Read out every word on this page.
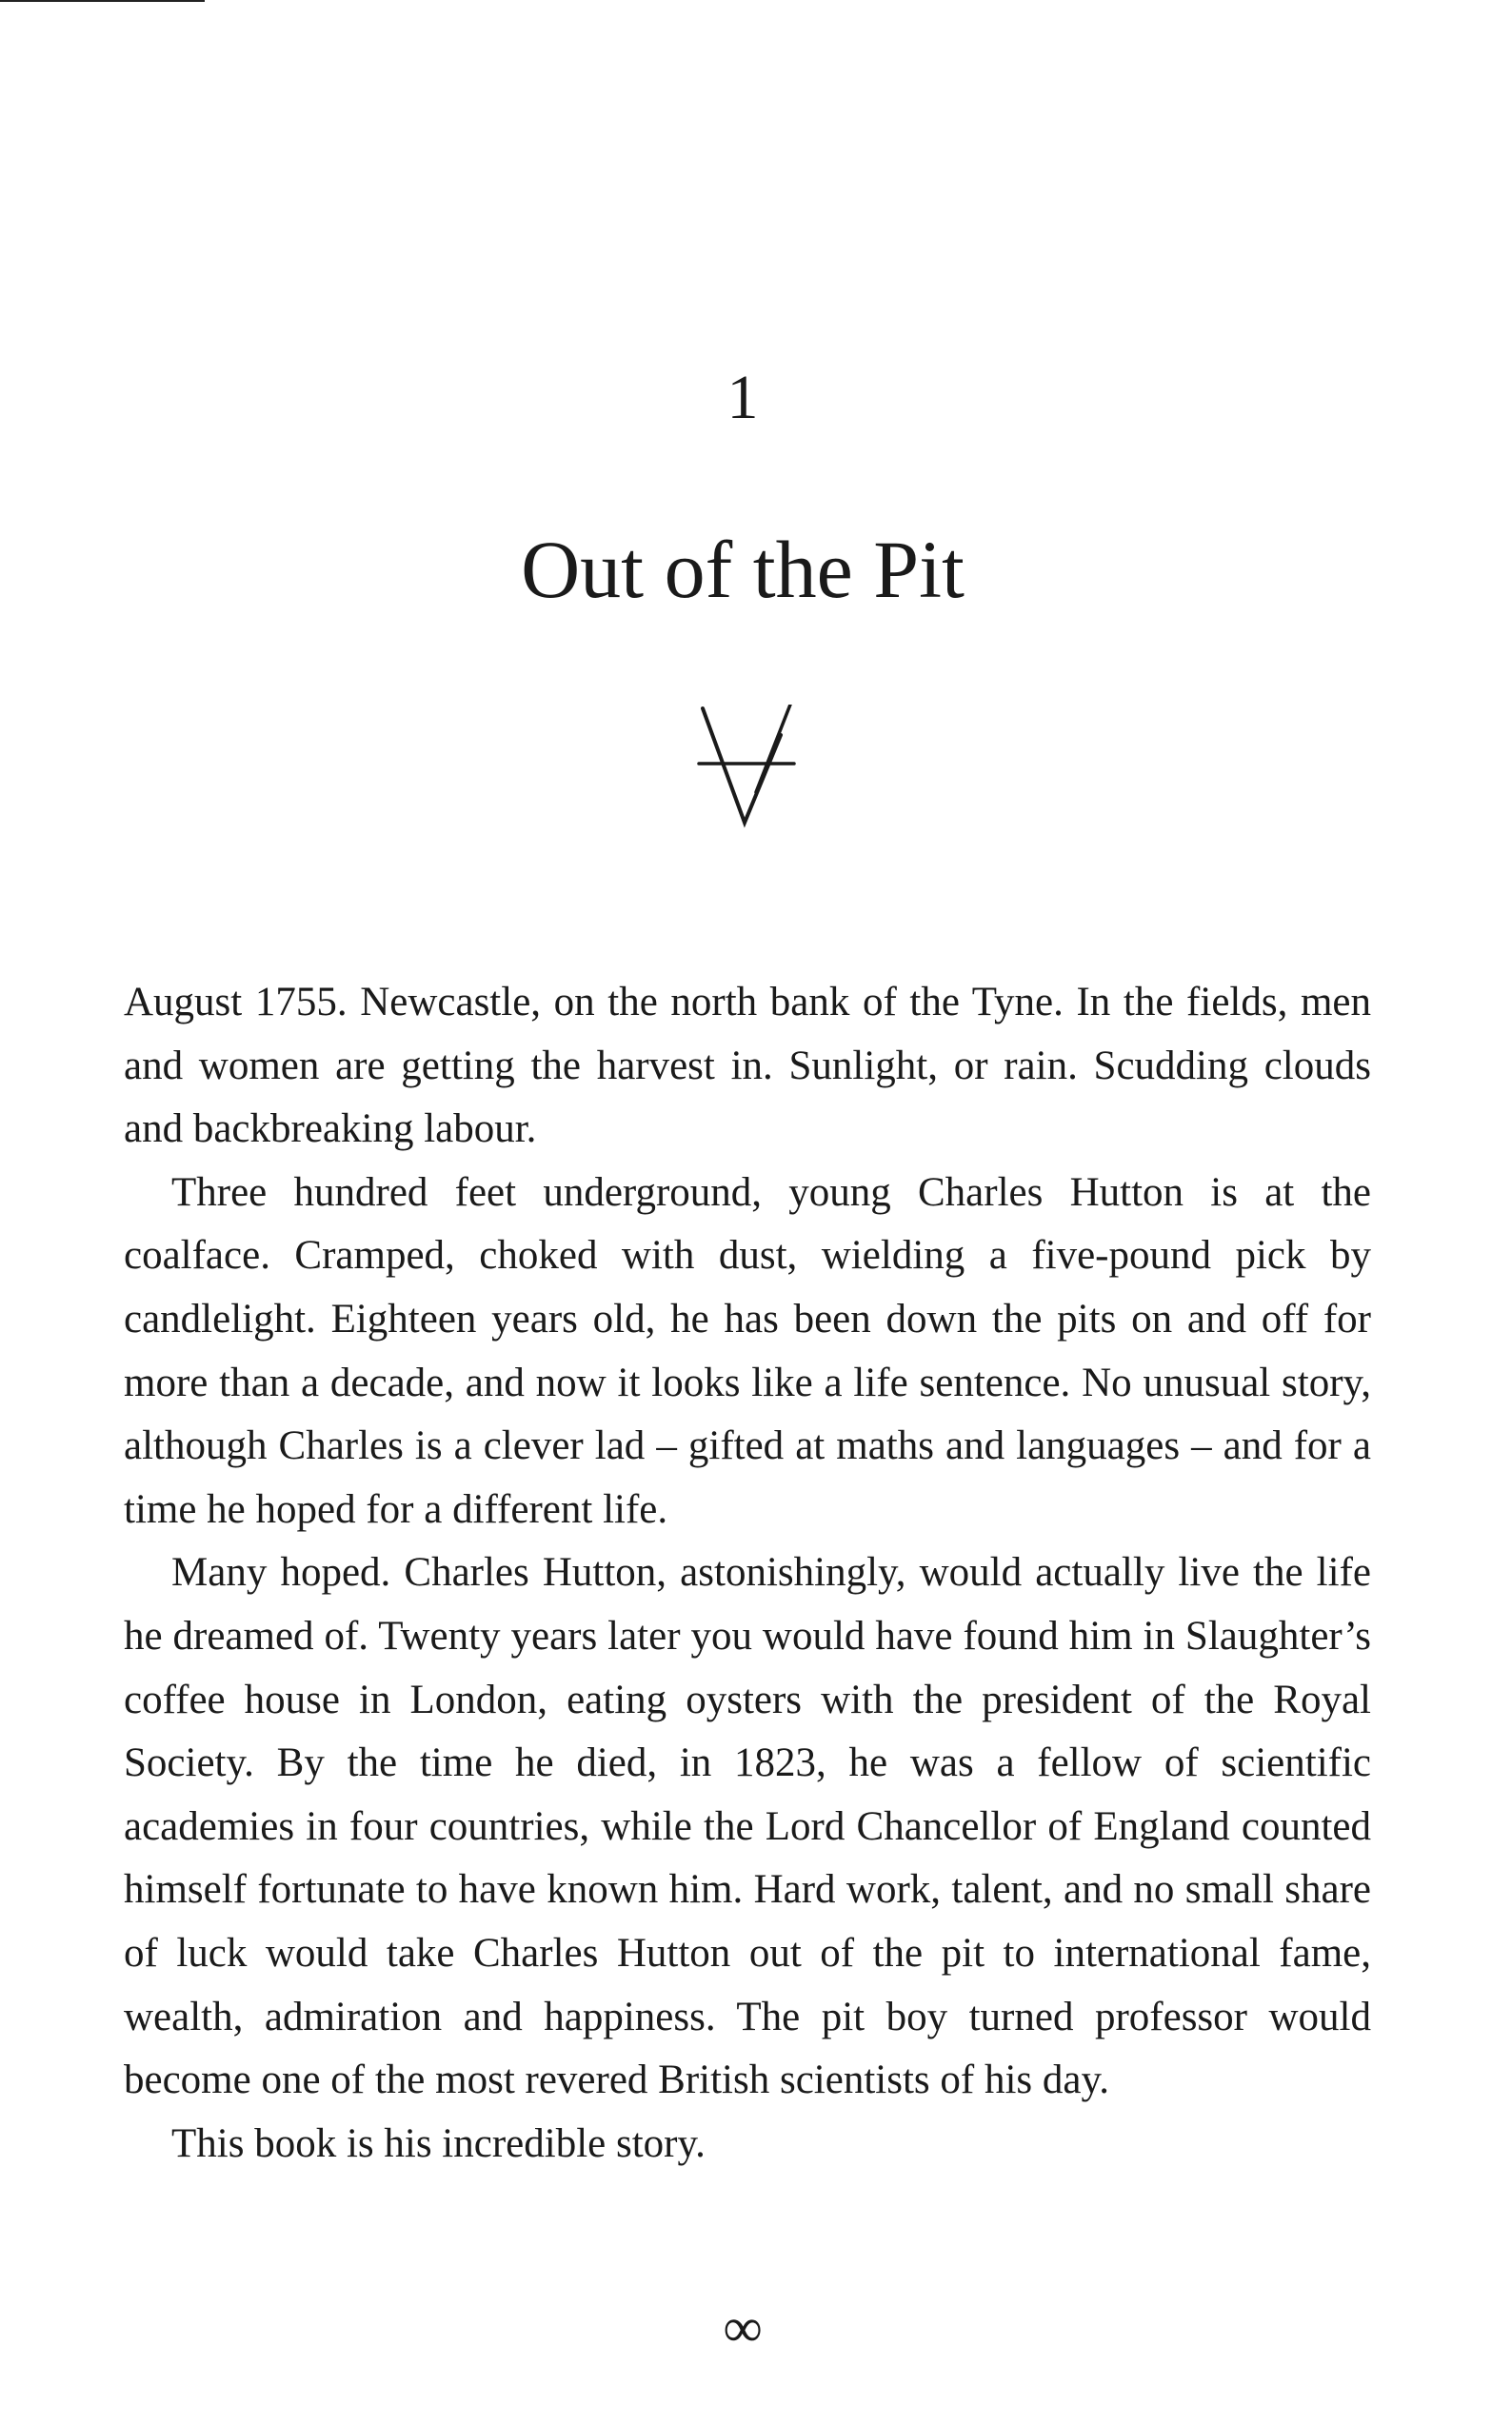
1
Out of the Pit

August 1755. Newcastle, on the north bank of the Tyne. In the fields, men and women are getting the harvest in. Sunlight, or rain. Scudding clouds and backbreaking labour.

Three hundred feet underground, young Charles Hutton is at the coalface. Cramped, choked with dust, wielding a five-pound pick by candlelight. Eighteen years old, he has been down the pits on and off for more than a decade, and now it looks like a life sentence. No unusual story, although Charles is a clever lad – gifted at maths and languages – and for a time he hoped for a different life.

Many hoped. Charles Hutton, astonishingly, would actually live the life he dreamed of. Twenty years later you would have found him in Slaughter’s coffee house in London, eating oysters with the president of the Royal Society. By the time he died, in 1823, he was a fellow of scientific academies in four countries, while the Lord Chancellor of England counted himself fortunate to have known him. Hard work, talent, and no small share of luck would take Charles Hutton out of the pit to international fame, wealth, admiration and happiness. The pit boy turned professor would become one of the most revered British scientists of his day.

This book is his incredible story.

∞
